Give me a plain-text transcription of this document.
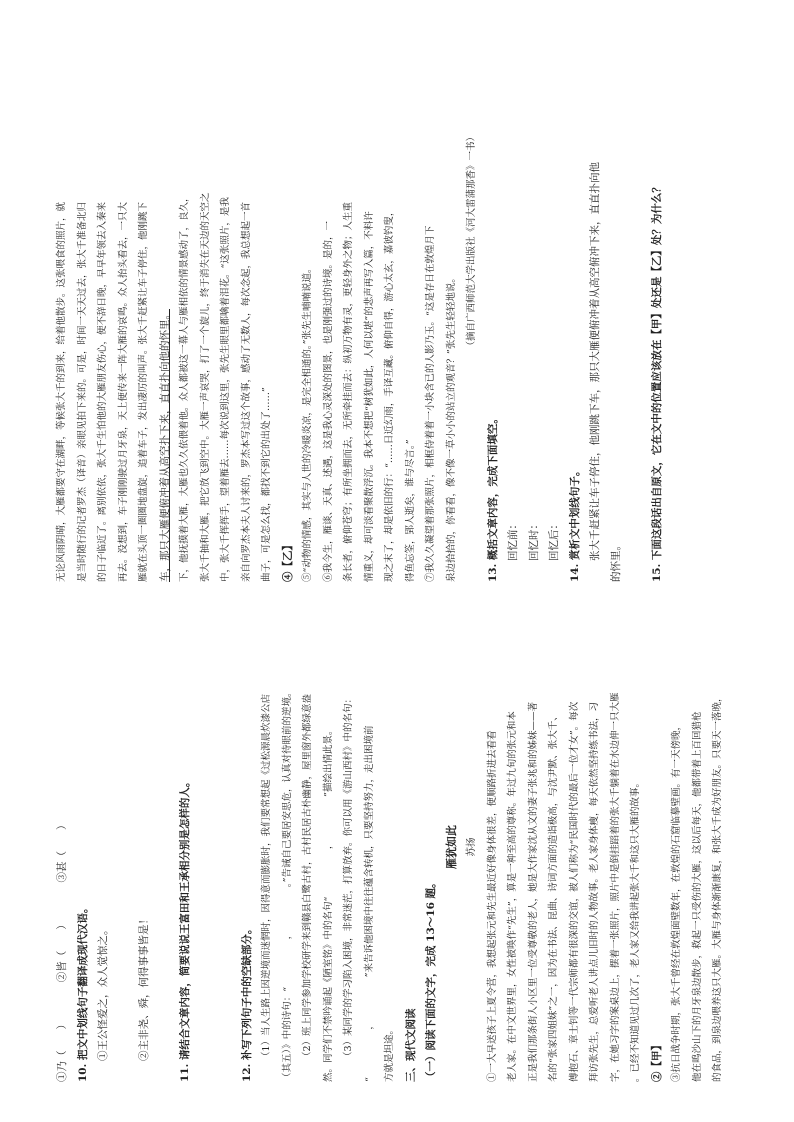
①乃（　　）　　　　②皆（　　）　　　　③甚（　　） 10. 把文中划线句子翻译成现代汉语。 ①王公怪爱之，众人觉惊之。
	②主非尧、舜，何得事事皆是！
	11. 请结合文章内容，简要说说王富田和王承相分别是怎样的人。

	12. 补写下列句子中的空缺部分。 （1）当人生路上因逆境而迷惘时，因得意而膨胀时，我们要常想起《过松源晨炊漆公店	（其五）》中的诗句：“　　　　　，　　　　　。”告诫自己要居安思危，认真对待眼前的逆境。	（2）班上同学参加学校研学来到赣县白鹭古村，古村民居古朴幽静，屋里窗外都绿意盎	然。同学们不禁吟诵起《陋室铭》中的名句“　　　　　，　　　　　”描绘出情此景。	（3）某同学的学习陷入困境，非常迷茫，打算放弃。你可以用《游山西村》中的名句：	“　　　　　，　　　　　”来告诉他困境中往往蕴含转机，只要坚持努力，走出困境前	方就是坦途。 三、现代文阅读 （一）阅读下面的文字，完成 13～16 题。
雁犹如此 苏扬	①一大早送孩子上夏令营，我想起张元和先生最近好像身体很差，便顺路折进去看看	老人家。在中文世界里，女性被唤作“先生”，算是一种至高的尊称。年过九旬的张元和本	正是我们那条街人小区里一位受尊敬的老人，她是大作家沈从文的妻子张兆和的姊妹——著	名的“张家四姐妹”之一，因为在书法、昆曲、诗词方面的造诣极高，与沈尹默、张大千、	傅抱石、章士钊等一代宗师都有很深的交谊，被人们称为“民国时代的最后一位才女”。每次	拜访张先生，总爱听老人讲点儿旧时的人物故事。老人家身体瘦，每天依然坚持练书法，习	字，在她习字的案桌边上，摆着一张照片，照片中是倒挂蹈着的张大千躺着在水边伸一只大雁	。已经不知道见过几次了，老人家又给我讲起张大千和这只大雁的故事。 ②【甲】 ③抗日战争时期，张大千曾经在敦煌面壁数年，在敦煌的石窟临摹壁画。有一天傍晚，	他在鸣沙山下的月牙泉边散步，救起一只受伤的大雁，这以后每天，他都带着上百回猎枪	的食品，到泉边喂养这只大雁。大雁与身体渐渐康复，和张大千成为好朋友。只要天一落晚，
无论风雨阴晴，大雁都要守在湖畔，等候张大千的到来，给着他散步。这张喂食的照片，就	是当时随行的记者罗杰（译音）亲眼见拍下来的。可是，时间一天天过去，张大千准备北归	的日子临近了。离别依依，张大千生怕他的大雁朋友伤心，便不辞日晚，早早年领去入秦来	再去。没想到，车子刚刚驶过月牙泉，天上便传来一阵大雁的哀鸣。众人抬头看去，一只大	雁就在头顶一圈圈地盘旋，追着车子，发出凄厉的叫声。张大千赶紧让车子停住，他刚跳下 车，那只大雁便俯冲着从高空扑下来，直直扑向他的怀里。 下，他抚摸着大雁，大雁也久久依偎着他。众人都被这一幕人与雁相依的情景感动了，良久，	张大千抽和大雁，把它放飞到空中。大雁一声哀哭，打了一个旋儿，终于消失在天边的天空之	中，张大千挥挥手，望着雁去……每次说到这里，张先生眼里都噙着泪花。“这张照片，是我	亲自向罗杰本夫人讨来的，罗杰本写过这个故事，感动了无数人，每次念起，我总想起一首	曲子，可是怎么找，都找不到它的出处了……” ④【乙】 ⑤“动物的情感，其实与人世的冷暖炎凉，是完全相通的。”张先生喃喃说道。	⑥我今生，雁谈、天真、述遇，这是我心灵深处的图景，也是刚强过的诗境。是的，一	条长者，俯仰苍穹；有所坐拥而去，无所牵挂而去：纵初万物有灵，更轻身外之物；人生重	情重义，却可淡看聚散浮沉。我本不想把“树犹如此，人何以堪”的悲声再写入篇，不料许	现之末了，却是依旧的行：“……日近幻雨，手译互藏。俯仰自得，游心太玄，嘉彼钓叟，	得鱼忘筌，郢人逝矣，谁与尽言。”	⑦我久久凝望着那张照片，相框侍着着一小块含已的人影乃玉。“这是存日在敦煌月下	泉边拾拾的，你看看，像不像一草小小的站立的观音？”张先生轻轻地说。
（摘自广西师范大学出版社《河大雷蒲那香》一书）
13. 概括文章内容，完成下面填空。 回忆前： 回忆时： 回忆后： 14. 赏析文中划线句子。 张大千赶紧让车子停住，他刚跳下车，那只大雁便俯冲着从高空俯冲下来，直直扑向他 的怀里。
	15. 下面这段话出自原文，它在文中的位置应该放在【甲】处还是【乙】处？为什么？
